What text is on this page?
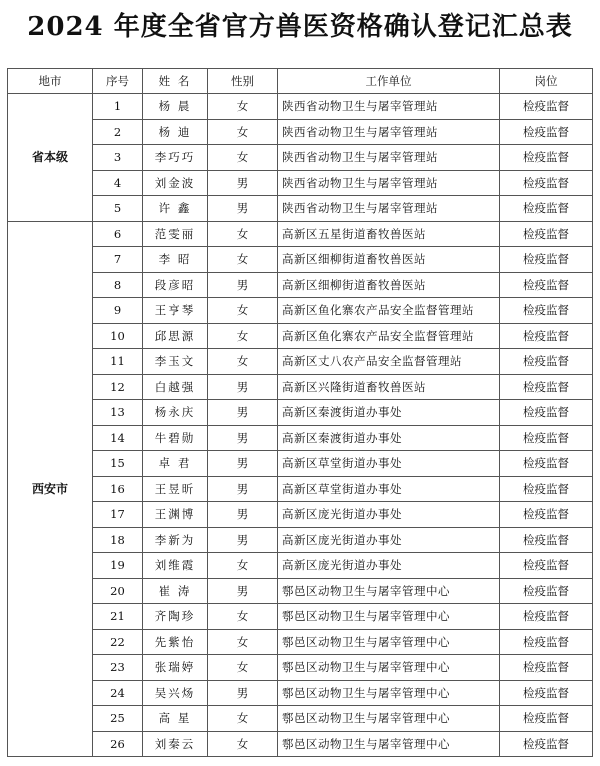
2024 年度全省官方兽医资格确认登记汇总表
地市	序号	姓 名	性别	工作单位	岗位
省本级	1	杨 晨	女	陕西省动物卫生与屠宰管理站	检疫监督
	2	杨 迪	女	陕西省动物卫生与屠宰管理站	检疫监督
	3	李巧巧	女	陕西省动物卫生与屠宰管理站	检疫监督
	4	刘金波	男	陕西省动物卫生与屠宰管理站	检疫监督
	5	许 鑫	男	陕西省动物卫生与屠宰管理站	检疫监督
西安市	6	范雯丽	女	高新区五星街道畜牧兽医站	检疫监督
	7	李 昭	女	高新区细柳街道畜牧兽医站	检疫监督
	8	段彦昭	男	高新区细柳街道畜牧兽医站	检疫监督
	9	王亨琴	女	高新区鱼化寨农产品安全监督管理站	检疫监督
	10	邱思源	女	高新区鱼化寨农产品安全监督管理站	检疫监督
	11	李玉文	女	高新区丈八农产品安全监督管理站	检疫监督
	12	白越强	男	高新区兴隆街道畜牧兽医站	检疫监督
	13	杨永庆	男	高新区秦渡街道办事处	检疫监督
	14	牛碧勋	男	高新区秦渡街道办事处	检疫监督
	15	卓 君	男	高新区草堂街道办事处	检疫监督
	16	王昱昕	男	高新区草堂街道办事处	检疫监督
	17	王渊博	男	高新区庞光街道办事处	检疫监督
	18	李新为	男	高新区庞光街道办事处	检疫监督
	19	刘维霞	女	高新区庞光街道办事处	检疫监督
	20	崔 涛	男	鄠邑区动物卫生与屠宰管理中心	检疫监督
	21	齐陶珍	女	鄠邑区动物卫生与屠宰管理中心	检疫监督
	22	先紫怡	女	鄠邑区动物卫生与屠宰管理中心	检疫监督
	23	张瑞婷	女	鄠邑区动物卫生与屠宰管理中心	检疫监督
	24	吴兴炀	男	鄠邑区动物卫生与屠宰管理中心	检疫监督
	25	高 星	女	鄠邑区动物卫生与屠宰管理中心	检疫监督
	26	刘秦云	女	鄠邑区动物卫生与屠宰管理中心	检疫监督
